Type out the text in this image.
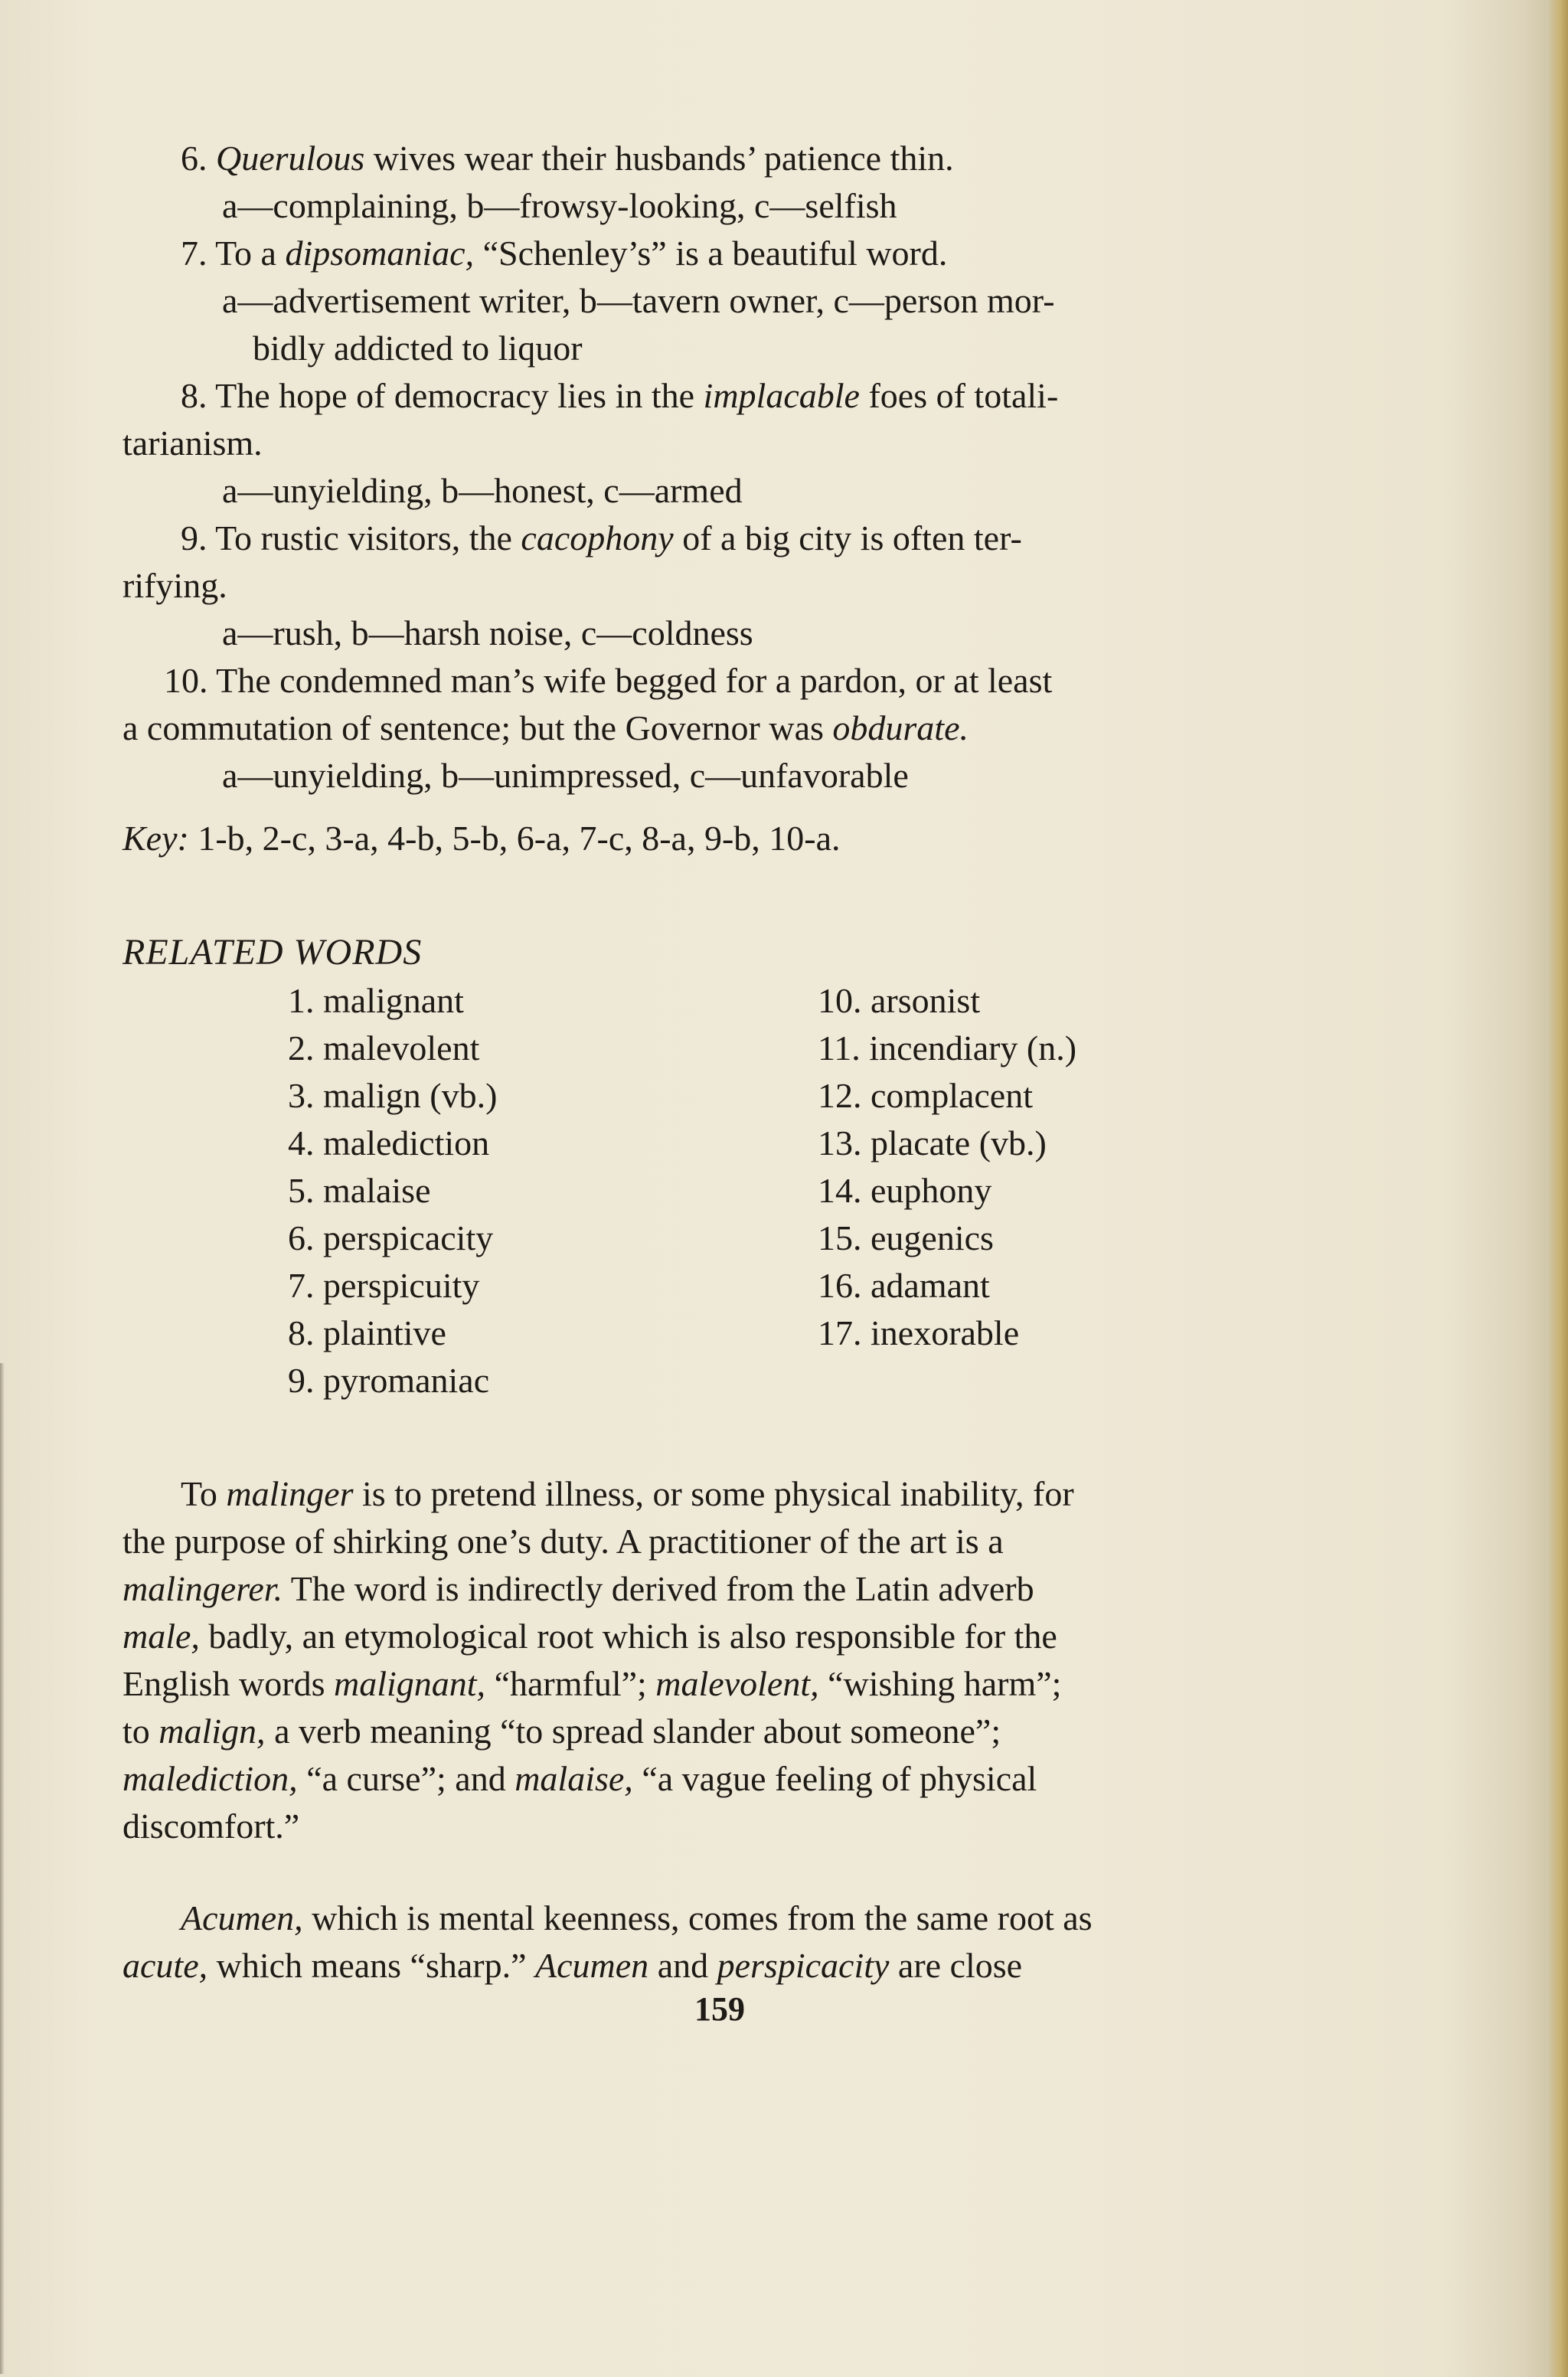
6. Querulous wives wear their husbands’ patience thin.
a—complaining, b—frowsy-looking, c—selfish
7. To a dipsomaniac, “Schenley’s” is a beautiful word.
a—advertisement writer, b—tavern owner, c—person mor-
bidly addicted to liquor
8. The hope of democracy lies in the implacable foes of totali-
tarianism.
a—unyielding, b—honest, c—armed
9. To rustic visitors, the cacophony of a big city is often ter-
rifying.
a—rush, b—harsh noise, c—coldness
10. The condemned man’s wife begged for a pardon, or at least
a commutation of sentence; but the Governor was obdurate.
a—unyielding, b—unimpressed, c—unfavorable
Key: 1-b, 2-c, 3-a, 4-b, 5-b, 6-a, 7-c, 8-a, 9-b, 10-a.
RELATED WORDS
1. malignant
2. malevolent
3. malign (vb.)
4. malediction
5. malaise
6. perspicacity
7. perspicuity
8. plaintive
9. pyromaniac
10. arsonist
11. incendiary (n.)
12. complacent
13. placate (vb.)
14. euphony
15. eugenics
16. adamant
17. inexorable
To malinger is to pretend illness, or some physical inability, for
the purpose of shirking one’s duty. A practitioner of the art is a
malingerer. The word is indirectly derived from the Latin adverb
male, badly, an etymological root which is also responsible for the
English words malignant, “harmful”; malevolent, “wishing harm”;
to malign, a verb meaning “to spread slander about someone”;
malediction, “a curse”; and malaise, “a vague feeling of physical
discomfort.”
Acumen, which is mental keenness, comes from the same root as
acute, which means “sharp.” Acumen and perspicacity are close
159
